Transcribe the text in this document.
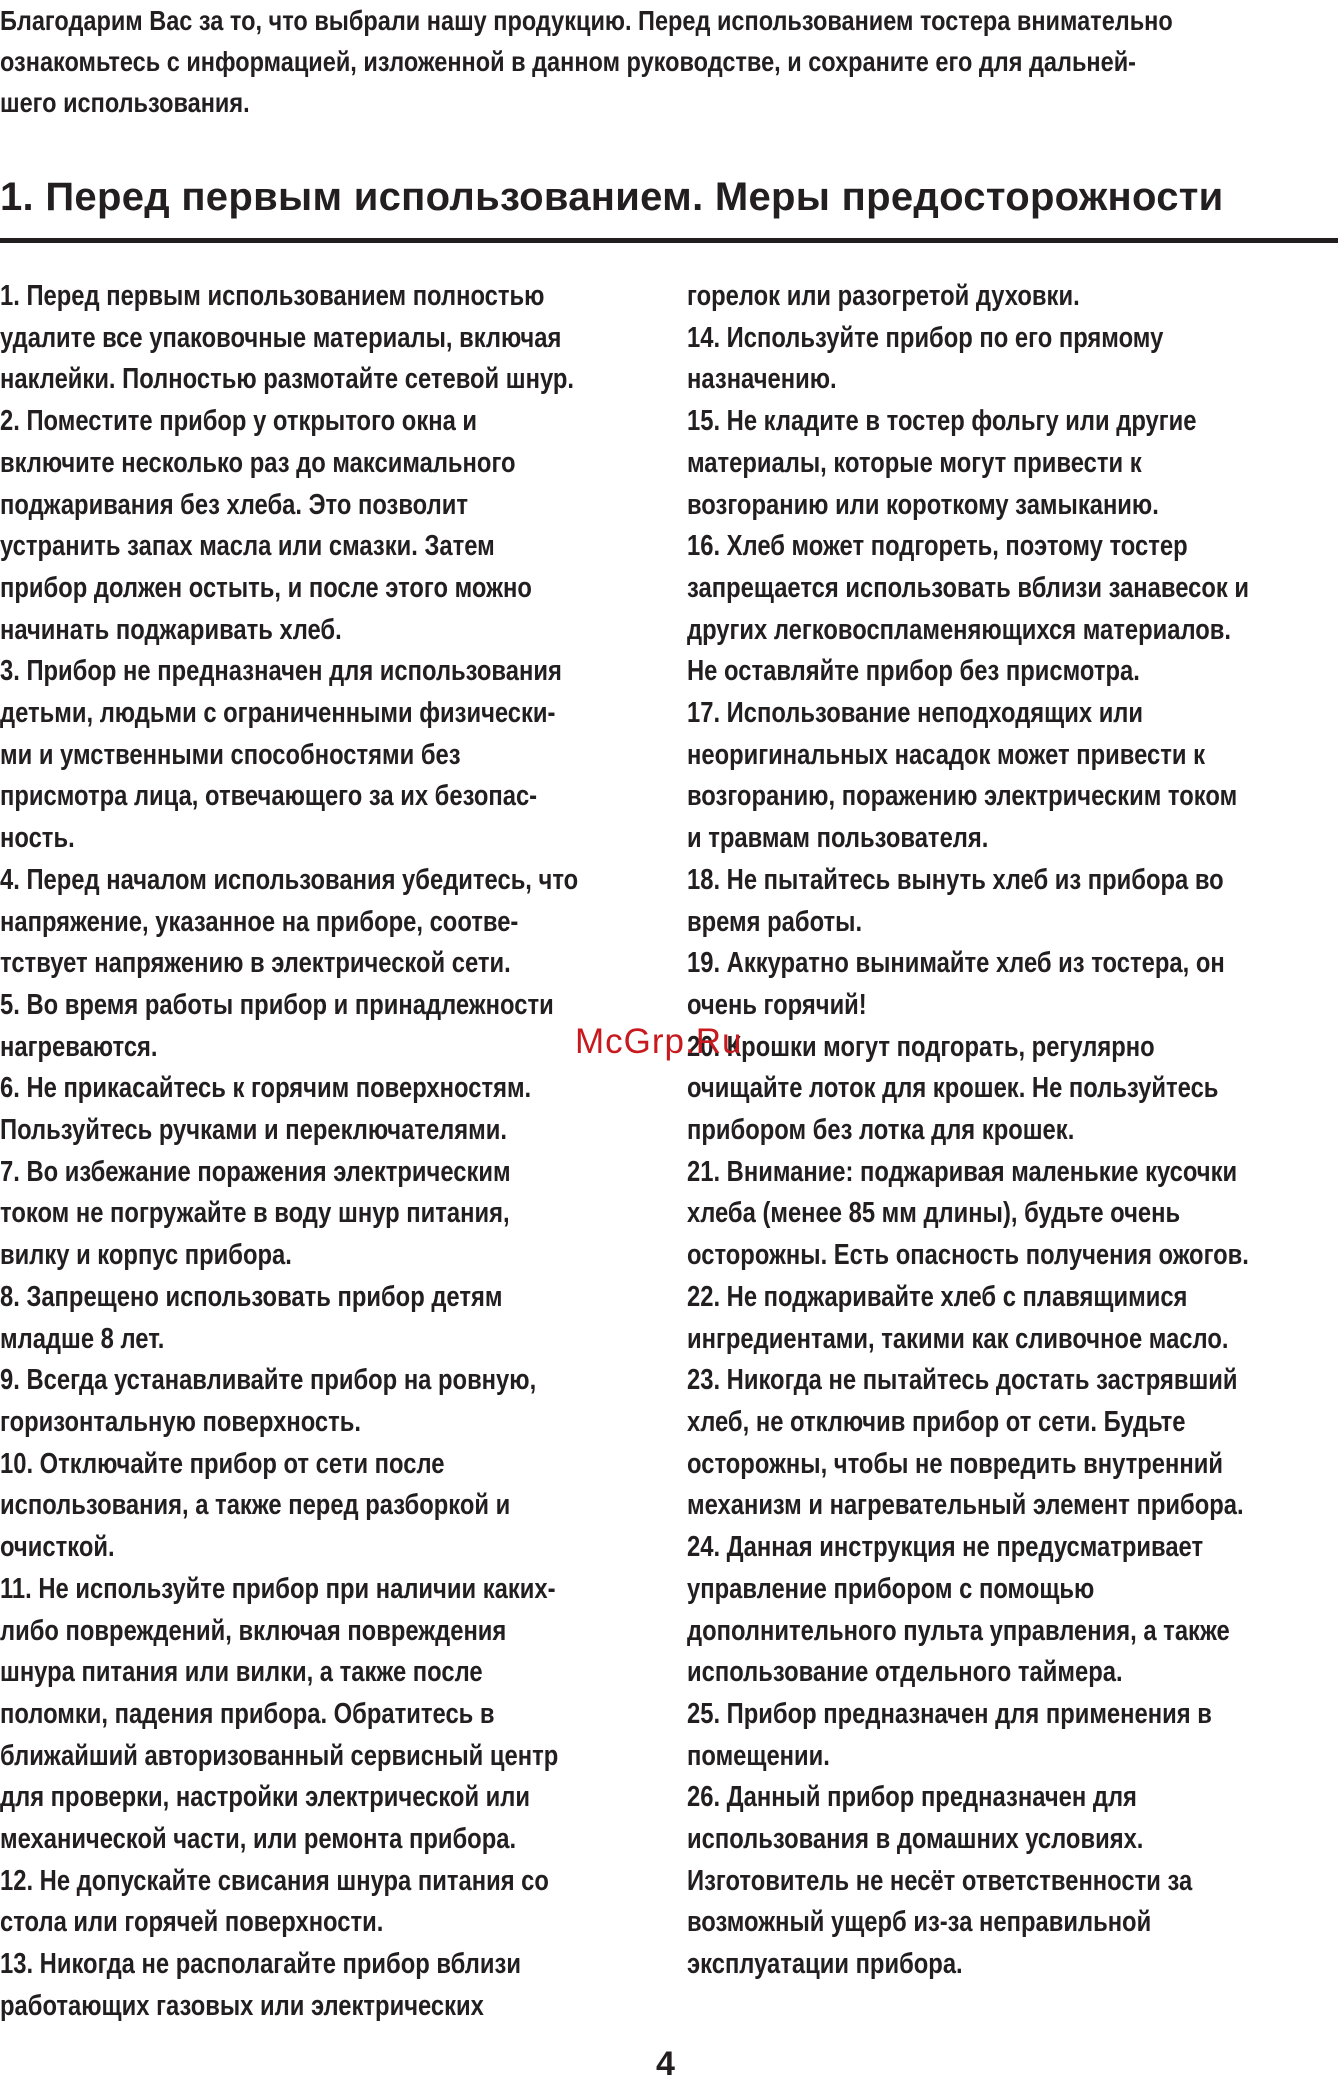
Благодарим Вас за то, что выбрали нашу продукцию. Перед использованием тостера внимательно
ознакомьтесь с информацией, изложенной в данном руководстве, и сохраните его для дальней-
шего использования.
1. Перед первым использованием. Меры предосторожности
1. Перед первым использованием полностью
удалите все упаковочные материалы, включая
наклейки. Полностью размотайте сетевой шнур.
2. Поместите прибор у открытого окна и
включите несколько раз до максимального
поджаривания без хлеба. Это позволит
устранить запах масла или смазки. Затем
прибор должен остыть, и после этого можно
начинать поджаривать хлеб.
3. Прибор не предназначен для использования
детьми, людьми с ограниченными физически-
ми и умственными способностями без
присмотра лица, отвечающего за их безопас-
ность.
4. Перед началом использования убедитесь, что
напряжение, указанное на приборе, соотве-
тствует напряжению в электрической сети.
5. Во время работы прибор и принадлежности
нагреваются.
6. Не прикасайтесь к горячим поверхностям.
Пользуйтесь ручками и переключателями.
7. Во избежание поражения электрическим
током не погружайте в воду шнур питания,
вилку и корпус прибора.
8. Запрещено использовать прибор детям
младше 8 лет.
9. Всегда устанавливайте прибор на ровную,
горизонтальную поверхность.
10. Отключайте прибор от сети после
использования, а также перед разборкой и
очисткой.
11. Не используйте прибор при наличии каких-
либо повреждений, включая повреждения
шнура питания или вилки, а также после
поломки, падения прибора. Обратитесь в
ближайший авторизованный сервисный центр
для проверки, настройки электрической или
механической части, или ремонта прибора.
12. Не допускайте свисания шнура питания со
стола или горячей поверхности.
13. Никогда не располагайте прибор вблизи
работающих газовых или электрических
горелок или разогретой духовки.
14. Используйте прибор по его прямому
назначению.
15. Не кладите в тостер фольгу или другие
материалы, которые могут привести к
возгоранию или короткому замыканию.
16. Хлеб может подгореть, поэтому тостер
запрещается использовать вблизи занавесок и
других легковоспламеняющихся материалов.
Не оставляйте прибор без присмотра.
17. Использование неподходящих или
неоригинальных насадок может привести к
возгоранию, поражению электрическим током
и травмам пользователя.
18. Не пытайтесь вынуть хлеб из прибора во
время работы.
19. Аккуратно вынимайте хлеб из тостера, он
очень горячий!
20. Крошки могут подгорать, регулярно
очищайте лоток для крошек. Не пользуйтесь
прибором без лотка для крошек.
21. Внимание: поджаривая маленькие кусочки
хлеба (менее 85 мм длины), будьте очень
осторожны. Есть опасность получения ожогов.
22. Не поджаривайте хлеб с плавящимися
ингредиентами, такими как сливочное масло.
23. Никогда не пытайтесь достать застрявший
хлеб, не отключив прибор от сети. Будьте
осторожны, чтобы не повредить внутренний
механизм и нагревательный элемент прибора.
24. Данная инструкция не предусматривает
управление прибором с помощью
дополнительного пульта управления, а также
использование отдельного таймера.
25. Прибор предназначен для применения в
помещении.
26. Данный прибор предназначен для
использования в домашних условиях.
Изготовитель не несёт ответственности за
возможный ущерб из-за неправильной
эксплуатации прибора.
McGrp.Ru
4
